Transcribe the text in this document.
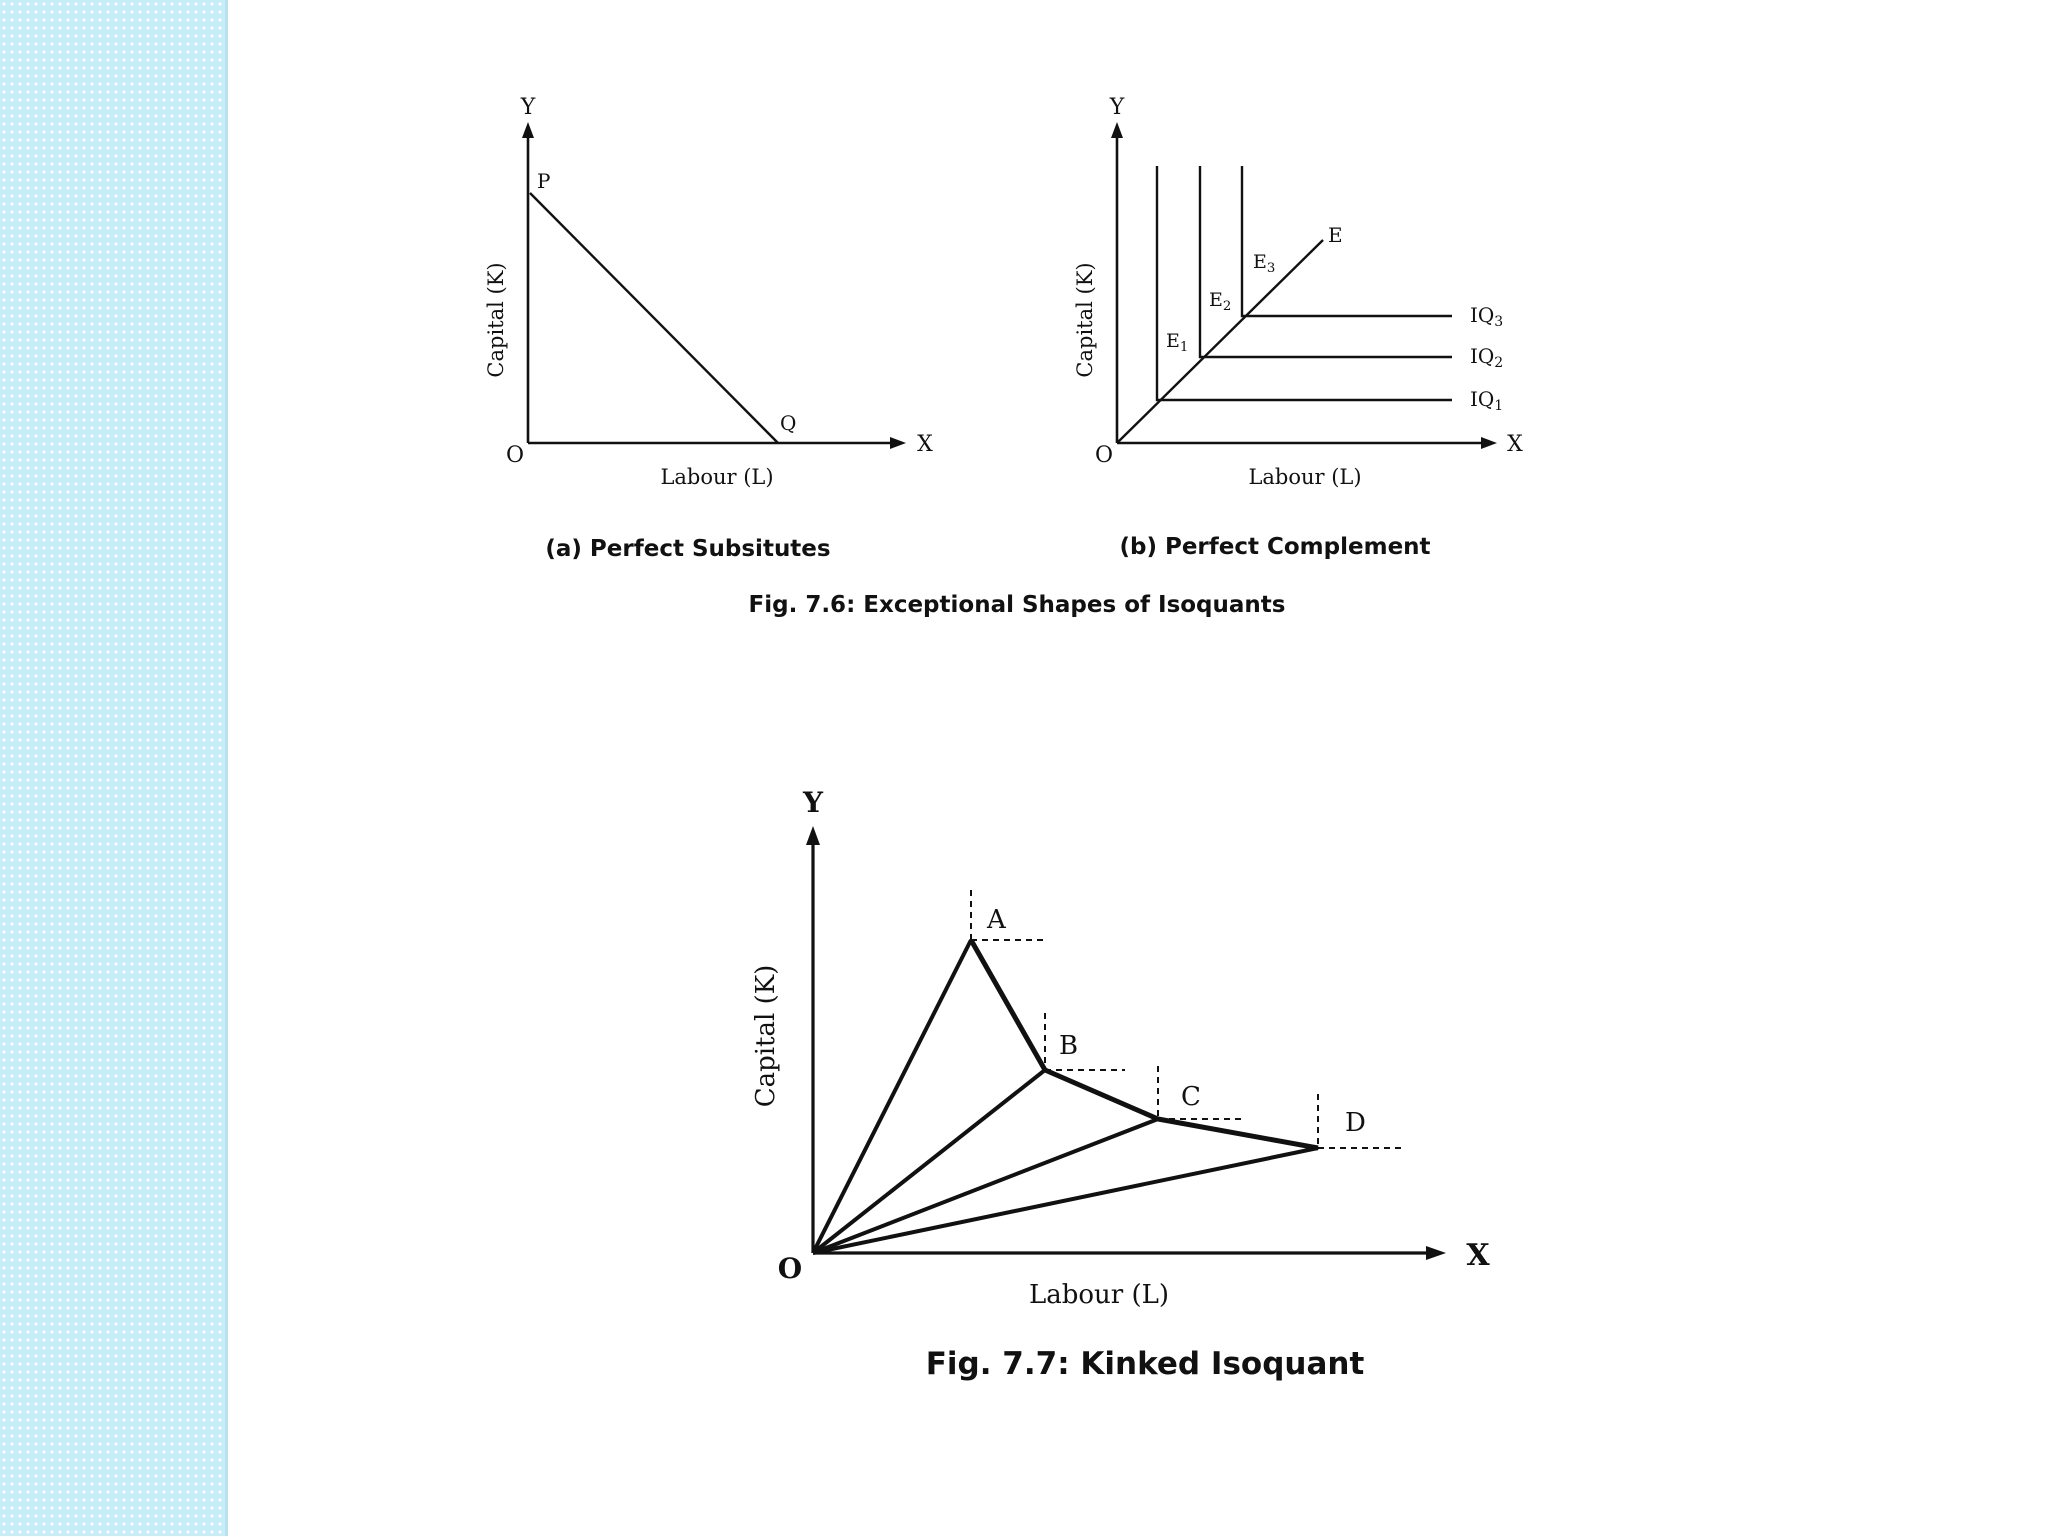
Y
X
O
P
Q
Labour (L)
Capital (K)
(a) Perfect Subsitutes
Y
X
O
E
$E_1$
$E_2$
$E_3$
$IQ_1$
$IQ_2$
$IQ_3$
Labour (L)
Capital (K)
(b) Perfect Complement
Fig. 7.6: Exceptional Shapes of Isoquants
Y
X
O
A
B
C
D
Labour (L)
Capital (K)
Fig. 7.7: Kinked Isoquant
